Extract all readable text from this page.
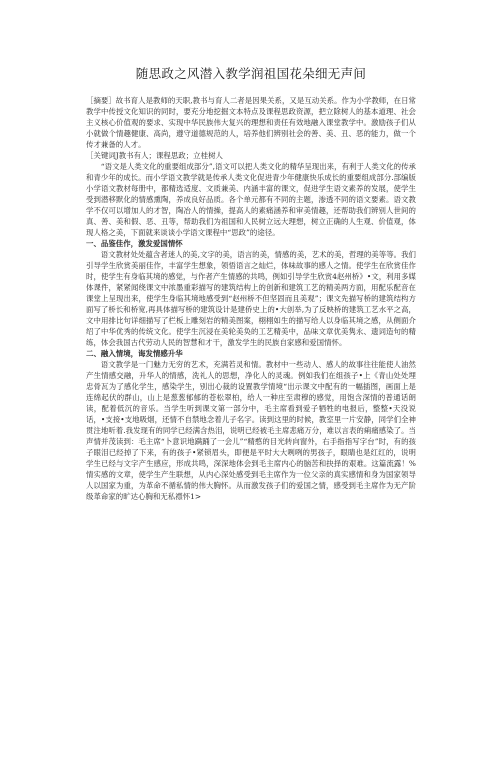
随思政之风潜入教学润祖国花朵细无声间

［摘要］故书育人是教师的天职,教书与育人二者是因果关系，又是互动关系。作为小学教师，在日常教学中传授文化知识的同时，要充分地挖掘文本特点及课程思政资源，把立除树人的基本道理、社会主义核心价值观的要求、实现中华民族伟大复兴的理想和责任有效地融入课堂教学中。激励孩子们从小就做个情趣健康、高尚，遵守道德规范的人，培养他们辨别社会的善、美、丑、恶的能力，做一个传才兼备的人才。

［关键词J教书有人；课程思政；立桂树人

“语文是人类文化的重要组成部分”,语文可以把人类文化的精华呈现出来，有利于人类文化的传承和青少年的成长。而小学语文教学就是传承人类文化促进青少年健康快乐成长的重要组成部分.部编版小学语文教材每册中，都精选适度、文质兼美、内涵丰富的课文，促进学生语文素养的发展，使学生受到潜移默化的情感熏陶，养成良好品质。各个单元都有不同的主题，渗透不同的语文要素。语文教学不仅可以增加人的才智，陶冶人的情操，提高人的素痛涵养和审美情趣，还帮助我们辨别人世间的真、善、美和假、恶、丑等，帮助我们为祖国和人民树立远大理想，树立正确的人生观、价值观，体现人格之美，下面就来谈谈小学语文课程中“思政”的途径。

一、品鉴佳作，激发爱国情怀

语文教材处处蕴含者迷人的美,文字的美，语言的美，情感的美，艺术的美，哲理的美等等。我们引导学生欣赏美丽佳作，丰富学生想象，领悟语言之灿烂，体味故事的感人之情。使学生在欣赏佳作时，使学生有身临其境的感觉，与作者产生情感的共鸣，例如引导学生欣赏4赵州桥》•文，利用多媒体课件，紧紧闻绕课文中浓墨重彩描写的建筑结构上的创新和建筑工艺的精美两方面，用配乐配音在课堂上呈现出来，使学生身临其境地感受到“赵州桥不但坚固而且美观”；课文先描写桥的建筑结构方面写了桥长和桥宽,再具体描写桥的建筑设计是建侨史上的•大创举,为了反映桥的建筑工艺水平之高，文中用排比句详细描写了栏板上雕刻岩的精美图案，栩栩如生的描写给人以身临其境之感，从侧面介绍了中华优秀的传统文化。使学生沉浸在美轮美奂的工艺精美中，品味文章优美隽永、遗词造句的精练，体会我国古代劳动人民的智慧和才干，激发学生的民族自家感和爱国情怀。

二、融入情境，诲发情感升华

语文教学是一门魅力无穷的艺术，充满若灵和情。教材中一些动人、感人的故事往往能使人油然产生情感交融，升华人的情感，洗礼人的思想，净化人的灵魂。例如我们在组孩子•上《青山处处埋忠骨瓦为了感化学生，感染学生，别出心裁的设置教学情境“出示课文中配有的一幅插图，画面上是连绵起伏的群山，山上是葱葱郁郁的苍松翠柏，给人一种庄至肃穆的感觉，用饱含深情的普通话朗读，配着低沉的音乐。当学生听到课文第一部分中，毛主席看到爱子牺牲的电报后，整整•天没说话，•支接•支地吸烟，还情不自禁地念着儿子名字。读到这里的时候，教室里一片安静，同学们全神贯注地听着.我发现有的同学已经满含热泪，说明已经被毛主席悲痛万分，难以言表的痢痛感染了。当声情并茂读到：毛主席“卜意识地蹒踊了一会儿”“精憨的目光转向窗外，右手指指写字台”时，有的孩子眼泪已经掉了下来，有的孩子•紧锁眉头，即便是平时大大咧咧的男孩子，眼睛也是红红的，说明学生已经与文字产生感应，形成共鸣，深深地体会到毛主席内心的脑苦和抉择的艰难。这篇流露！%情实感的文章，使学生产生联想，从内心深处感受到毛主席作为一位父亲的真实感情和身为国家领导人以国家为重，为革命不循私情的伟大胸怀。从而激发孩子们的爱国之情，感受到毛主席作为无产阶级革命家的旷达心胸和无私襟怀1>
